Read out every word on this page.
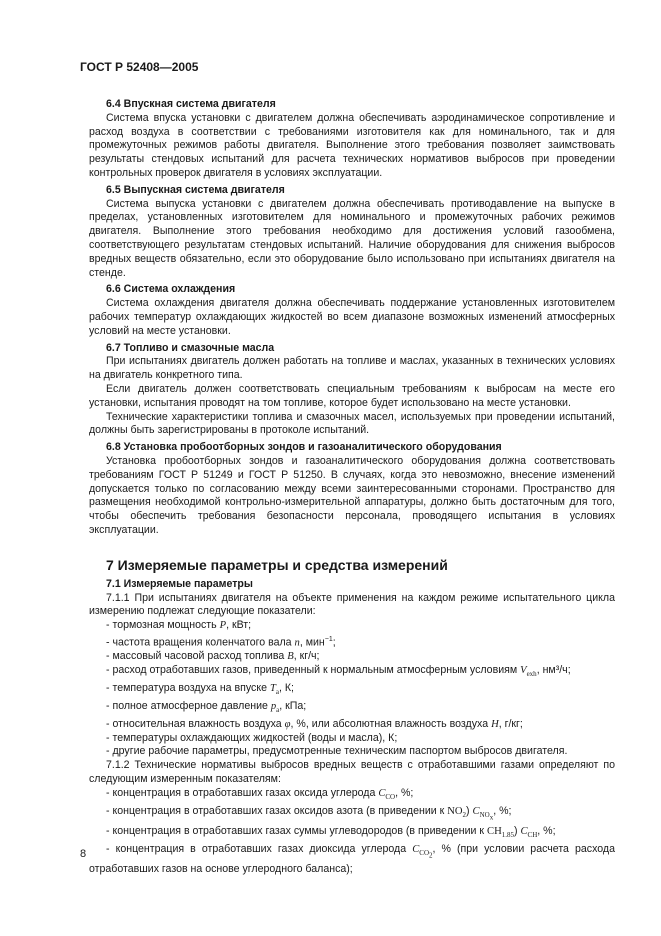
ГОСТ Р 52408—2005
6.4 Впускная система двигателя

Система впуска установки с двигателем должна обеспечивать аэродинамическое сопротивление и расход воздуха в соответствии с требованиями изготовителя как для номинального, так и для промежуточных режимов работы двигателя. Выполнение этого требования позволяет заимствовать результаты стендовых испытаний для расчета технических нормативов выбросов при проведении контрольных проверок двигателя в условиях эксплуатации.

6.5 Выпускная система двигателя

Система выпуска установки с двигателем должна обеспечивать противодавление на выпуске в пределах, установленных изготовителем для номинального и промежуточных рабочих режимов двигателя. Выполнение этого требования необходимо для достижения условий газообмена, соответствующего результатам стендовых испытаний. Наличие оборудования для снижения выбросов вредных веществ обязательно, если это оборудование было использовано при испытаниях двигателя на стенде.

6.6 Система охлаждения

Система охлаждения двигателя должна обеспечивать поддержание установленных изготовителем рабочих температур охлаждающих жидкостей во всем диапазоне возможных изменений атмосферных условий на месте установки.

6.7 Топливо и смазочные масла

При испытаниях двигатель должен работать на топливе и маслах, указанных в технических условиях на двигатель конкретного типа.

Если двигатель должен соответствовать специальным требованиям к выбросам на месте его установки, испытания проводят на том топливе, которое будет использовано на месте установки.

Технические характеристики топлива и смазочных масел, используемых при проведении испытаний, должны быть зарегистрированы в протоколе испытаний.

6.8 Установка пробоотборных зондов и газоаналитического оборудования

Установка пробоотборных зондов и газоаналитического оборудования должна соответствовать требованиям ГОСТ Р 51249 и ГОСТ Р 51250. В случаях, когда это невозможно, внесение изменений допускается только по согласованию между всеми заинтересованными сторонами. Пространство для размещения необходимой контрольно-измерительной аппаратуры, должно быть достаточным для того, чтобы обеспечить требования безопасности персонала, проводящего испытания в условиях эксплуатации.

7 Измеряемые параметры и средства измерений
7.1 Измеряемые параметры

7.1.1 При испытаниях двигателя на объекте применения на каждом режиме испытательного цикла измерению подлежат следующие показатели:

- тормозная мощность P, кВт;
- частота вращения коленчатого вала n, мин$^{-1}$;
- массовый часовой расход топлива B, кг/ч;
- расход отработавших газов, приведенный к нормальным атмосферным условиям $V_{exh}$, нм³/ч;
- температура воздуха на впуске $T_a$, К;
- полное атмосферное давление $p_a$, кПа;
- относительная влажность воздуха φ, %, или абсолютная влажность воздуха H, г/кг;
- температуры охлаждающих жидкостей (воды и масла), К;
- другие рабочие параметры, предусмотренные техническим паспортом выбросов двигателя.

7.1.2 Технические нормативы выбросов вредных веществ с отработавшими газами определяют по следующим измеренным показателям:

- концентрация в отработавших газах оксида углерода $C_{CO}$, %;
- концентрация в отработавших газах оксидов азота (в приведении к $NO_2$) $C_{NO_x}$, %;
- концентрация в отработавших газах суммы углеводородов (в приведении к $CH_{1.85}$) $C_{CH}$, %;
- концентрация в отработавших газах диоксида углерода $C_{CO_2}$, % (при условии расчета расхода отработавших газов на основе углеродного баланса);
8
